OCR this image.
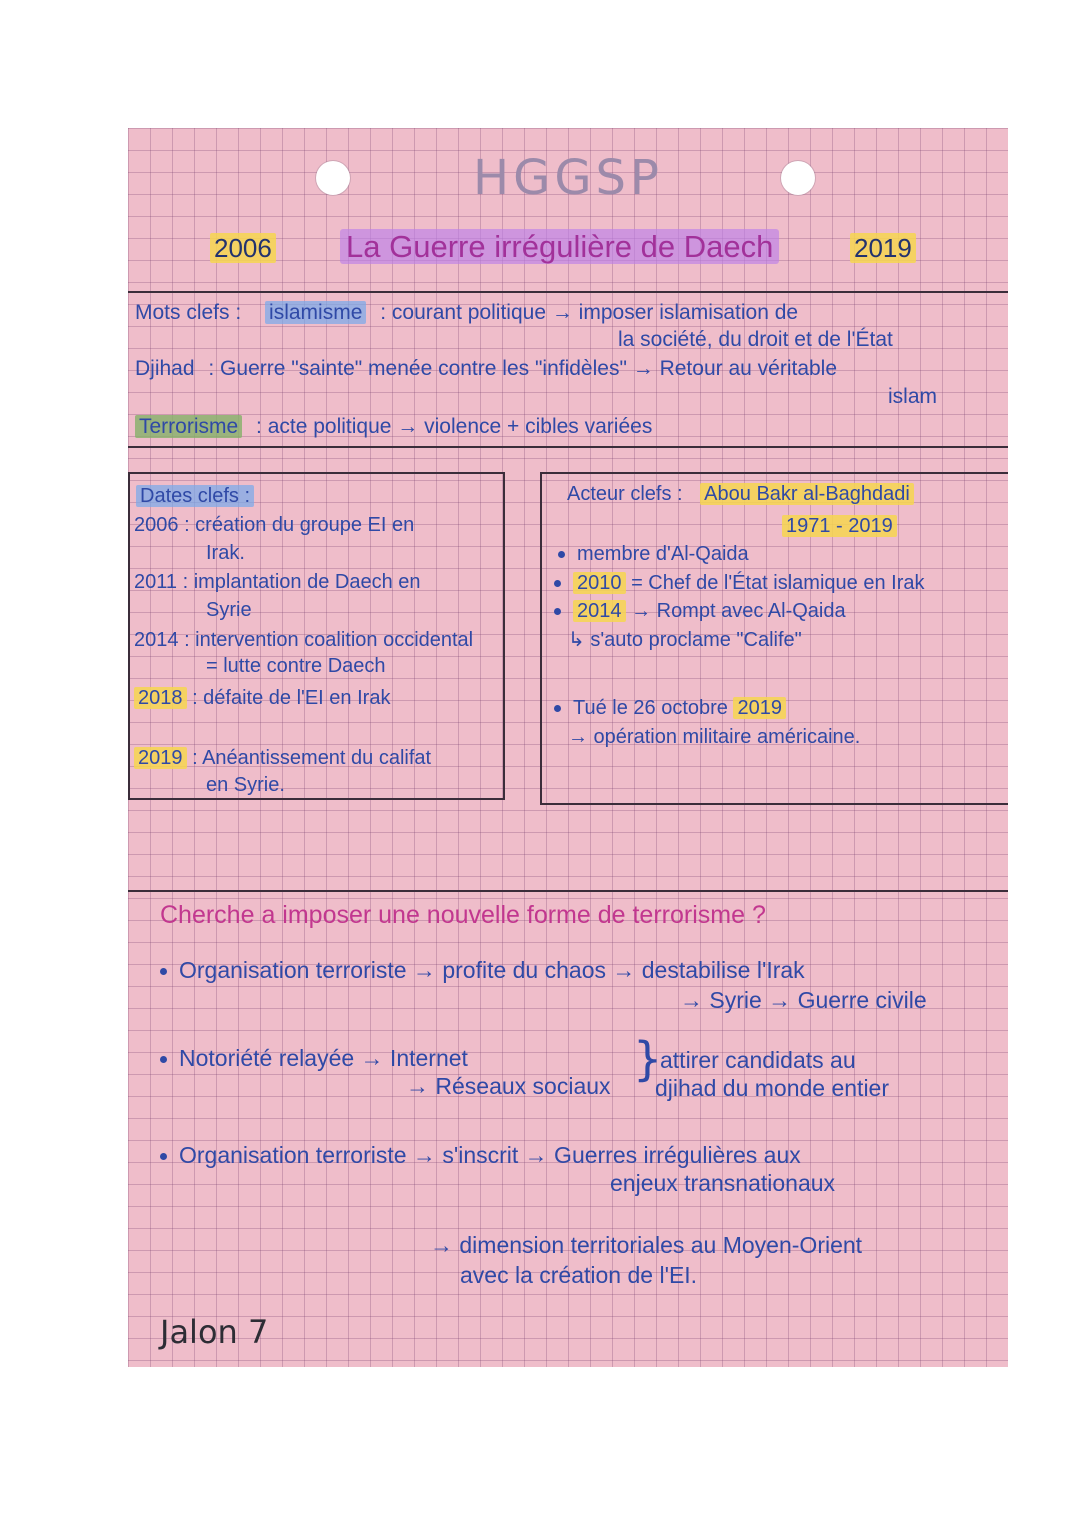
HGGSP
2006 La Guerre irrégulière de Daech	2019
Mots clefs : islamisme : courant politique → imposer islamisation de
la société, du droit et de l'État
Djihad : Guerre "sainte" menée contre les "infidèles" → Retour au véritable
islam
Terrorisme : acte politique → violence + cibles variées
Dates clefs :
2006 : création du groupe EI en
Irak.
2011 : implantation de Daech en
Syrie
2014 : intervention coalition occidental
= lutte contre Daech
2018 : défaite de l'EI en Irak
2019 : Anéantissement du califat
en Syrie.
Acteur clefs : Abou Bakr al-Baghdadi
1971 - 2019
membre d'Al-Qaida
2010 = Chef de l'État islamique en Irak
2014 → Rompt avec Al-Qaida
↳ s'auto proclame "Calife"
Tué le 26 octobre 2019
→ opération militaire américaine.
Cherche a imposer une nouvelle forme de terrorisme ?
Organisation terroriste → profite du chaos → destabilise l'Irak
→ Syrie → Guerre civile
Notoriété relayée → Internet
→ Réseaux sociaux }
attirer candidats au
djihad du monde entier
Organisation terroriste → s'inscrit → Guerres irrégulières aux
enjeux transnationaux
→ dimension territoriales au Moyen-Orient
avec la création de l'EI.
Jalon 7
